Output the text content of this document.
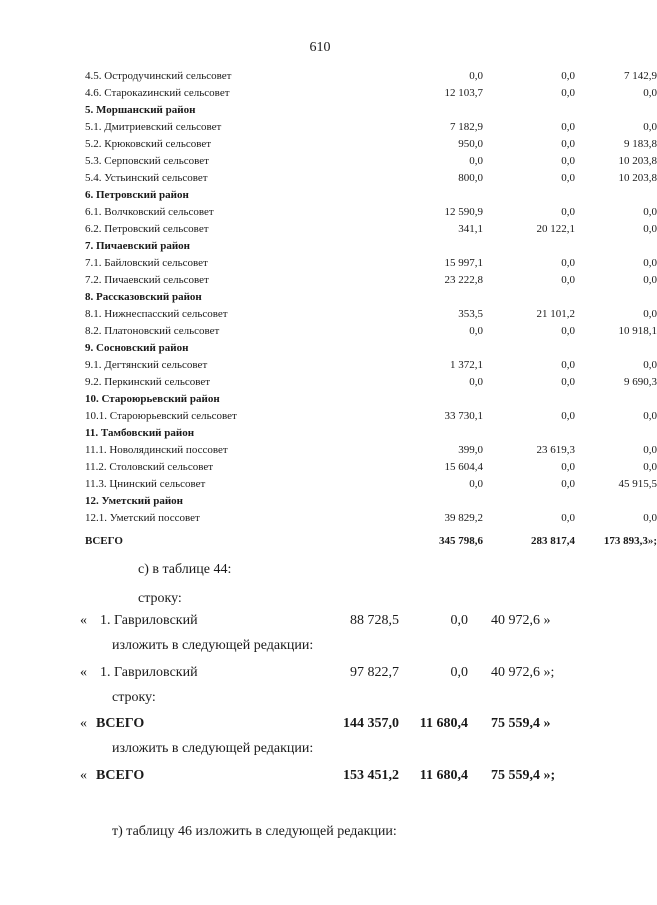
610
4.5. Остродучинский сельсовет	0,0	0,0	7 142,9
4.6. Старокazинский сельсовет	12 103,7	0,0	0,0
5. Моршанский район
5.1. Дмитриевский сельсовет	7 182,9	0,0	0,0
5.2. Крюковский сельсовет	950,0	0,0	9 183,8
5.3. Серповский сельсовет	0,0	0,0	10 203,8
5.4. Устьинский сельсовет	800,0	0,0	10 203,8
6. Петровский район
6.1. Волчковский сельсовет	12 590,9	0,0	0,0
6.2. Петровский сельсовет	341,1	20 122,1	0,0
7. Пичаевский район
7.1. Байловский сельсовет	15 997,1	0,0	0,0
7.2. Пичаевский сельсовет	23 222,8	0,0	0,0
8. Рассказовский район
8.1. Нижнеспасский сельсовет	353,5	21 101,2	0,0
8.2. Платоновский сельсовет	0,0	0,0	10 918,1
9. Сосновский район
9.1. Дегтянский сельсовет	1 372,1	0,0	0,0
9.2. Перкинский сельсовет	0,0	0,0	9 690,3
10. Староюрьевский район
10.1. Староюрьевский сельсовет	33 730,1	0,0	0,0
11. Тамбовский район
11.1. Новолядинский поссовет	399,0	23 619,3	0,0
11.2. Столовский сельсовет	15 604,4	0,0	0,0
11.3. Цнинский сельсовет	0,0	0,0	45 915,5
12. Уметский район
12.1. Уметский поссовет	39 829,2	0,0	0,0
ВСЕГО	345 798,6	283 817,4	173 893,3»;
с) в таблице 44:
строку:
« 1. Гавриловский	88 728,5	0,0 40 972,6 »
изложить в следующей редакции:
« 1. Гавриловский	97 822,7	0,0 40 972,6 »;
строку:
« ВСЕГО	144 357,0	11 680,4 75 559,4 »
изложить в следующей редакции:
« ВСЕГО	153 451,2	11 680,4 75 559,4 »;
т) таблицу 46 изложить в следующей редакции:
